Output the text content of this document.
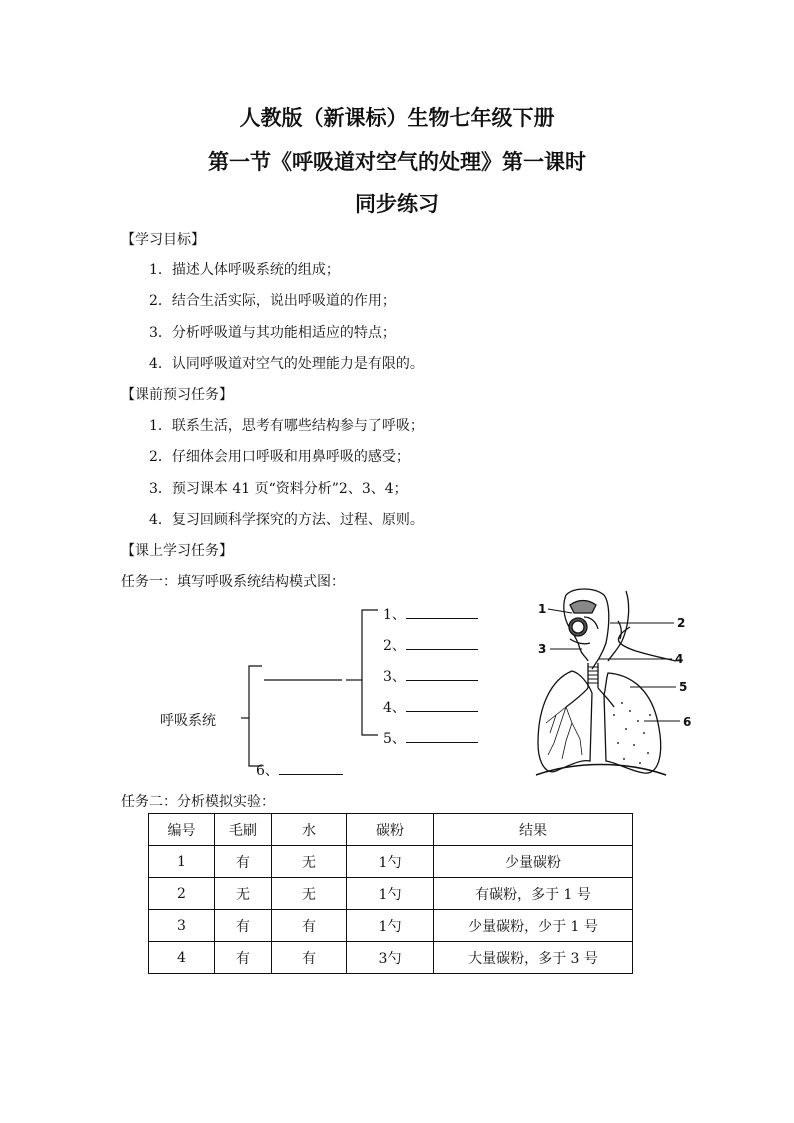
人教版（新课标）生物七年级下册
第一节《呼吸道对空气的处理》第一课时
同步练习
【学习目标】
1．描述人体呼吸系统的组成；
2．结合生活实际，说出呼吸道的作用；
3．分析呼吸道与其功能相适应的特点；
4．认同呼吸道对空气的处理能力是有限的。
【课前预习任务】
1．联系生活，思考有哪些结构参与了呼吸；
2．仔细体会用口呼吸和用鼻呼吸的感受；
3．预习课本 41 页“资料分析”2、3、4；
4．复习回顾科学探究的方法、过程、原则。
【课上学习任务】
任务一：填写呼吸系统结构模式图：
呼吸系统
1、
2、
3、
4、
5、
6、
1
2
3
4
5
6
任务二：分析模拟实验：
编号	毛刷	水	碳粉	结果
1	有	无	1勺	少量碳粉
2	无	无	1勺	有碳粉，多于 1 号
3	有	有	1勺	少量碳粉，少于 1 号
4	有	有	3勺	大量碳粉，多于 3 号
